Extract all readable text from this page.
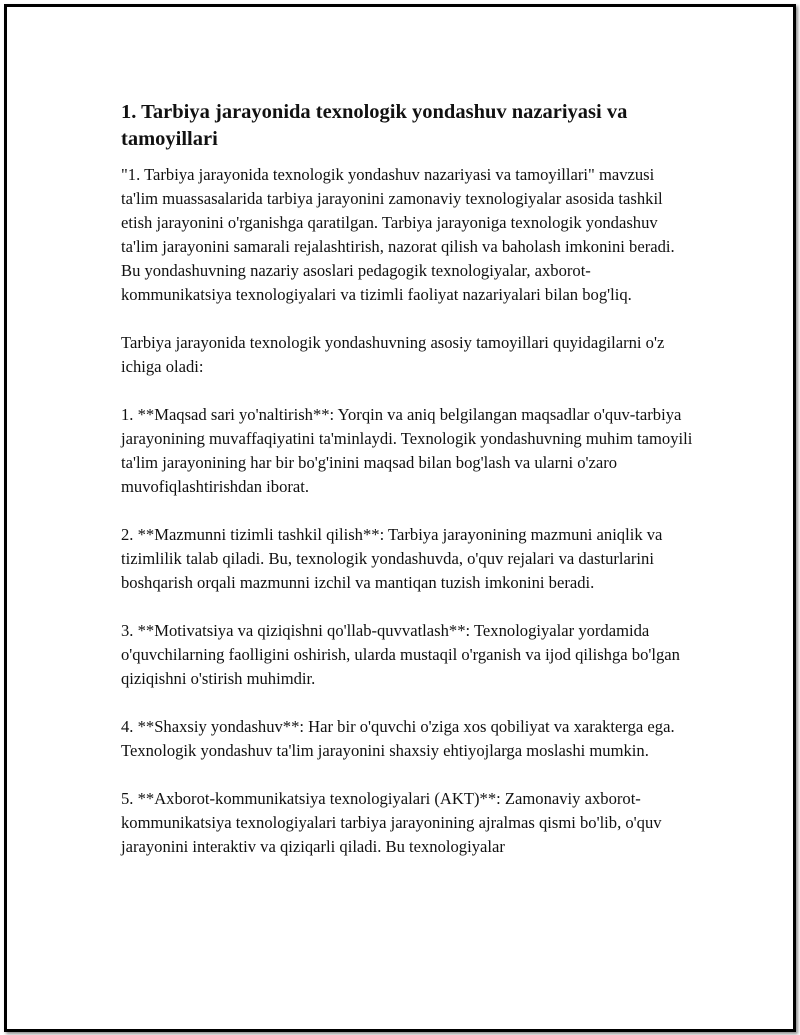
1. Tarbiya jarayonida texnologik yondashuv nazariyasi va tamoyillari

"1. Tarbiya jarayonida texnologik yondashuv nazariyasi va tamoyillari" mavzusi ta'lim muassasalarida tarbiya jarayonini zamonaviy texnologiyalar asosida tashkil etish jarayonini o'rganishga qaratilgan. Tarbiya jarayoniga texnologik yondashuv ta'lim jarayonini samarali rejalashtirish, nazorat qilish va baholash imkonini beradi. Bu yondashuvning nazariy asoslari pedagogik texnologiyalar, axborot-kommunikatsiya texnologiyalari va tizimli faoliyat nazariyalari bilan bog'liq.

Tarbiya jarayonida texnologik yondashuvning asosiy tamoyillari quyidagilarni o'z ichiga oladi:

1. **Maqsad sari yo'naltirish**: Yorqin va aniq belgilangan maqsadlar o'quv-tarbiya jarayonining muvaffaqiyatini ta'minlaydi. Texnologik yondashuvning muhim tamoyili ta'lim jarayonining har bir bo'g'inini maqsad bilan bog'lash va ularni o'zaro muvofiqlashtirishdan iborat.

2. **Mazmunni tizimli tashkil qilish**: Tarbiya jarayonining mazmuni aniqlik va tizimlilik talab qiladi. Bu, texnologik yondashuvda, o'quv rejalari va dasturlarini boshqarish orqali mazmunni izchil va mantiqan tuzish imkonini beradi.

3. **Motivatsiya va qiziqishni qo'llab-quvvatlash**: Texnologiyalar yordamida o'quvchilarning faolligini oshirish, ularda mustaqil o'rganish va ijod qilishga bo'lgan qiziqishni o'stirish muhimdir.

4. **Shaxsiy yondashuv**: Har bir o'quvchi o'ziga xos qobiliyat va xarakterga ega. Texnologik yondashuv ta'lim jarayonini shaxsiy ehtiyojlarga moslashi mumkin.

5. **Axborot-kommunikatsiya texnologiyalari (AKT)**: Zamonaviy axborot-kommunikatsiya texnologiyalari tarbiya jarayonining ajralmas qismi bo'lib, o'quv jarayonini interaktiv va qiziqarli qiladi. Bu texnologiyalar
